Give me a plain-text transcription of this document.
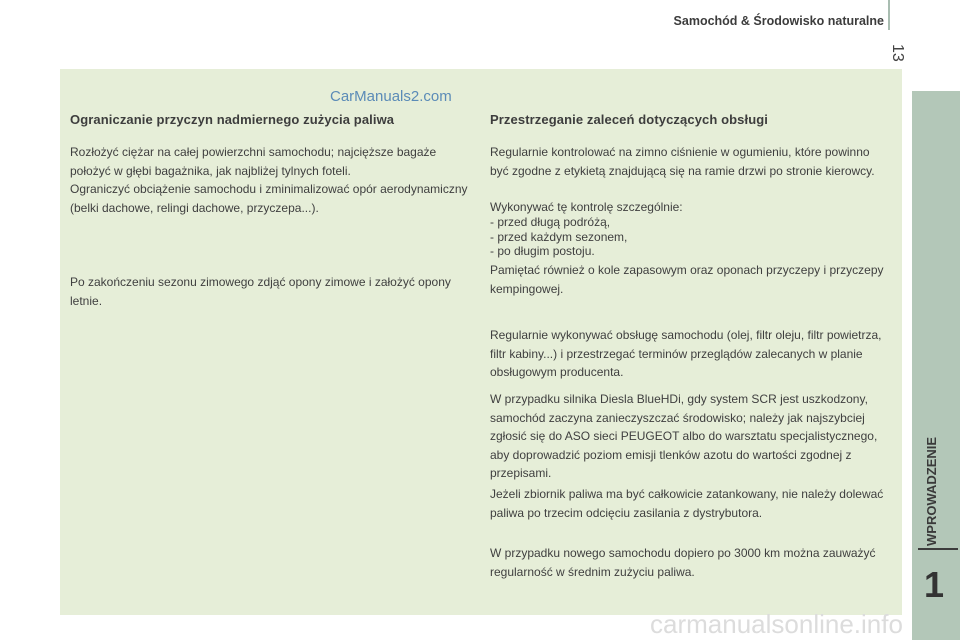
Samochód & Środowisko naturalne
13
CarManuals2.com
Ograniczanie przyczyn nadmiernego zużycia paliwa

Rozłożyć ciężar na całej powierzchni samochodu; najcięższe bagaże położyć w głębi bagażnika, jak najbliżej tylnych foteli.

Ograniczyć obciążenie samochodu i zminimalizować opór aerodynamiczny (belki dachowe, relingi dachowe, przyczepa...).

Po zakończeniu sezonu zimowego zdjąć opony zimowe i założyć opony letnie.

Przestrzeganie zaleceń dotyczących obsługi

Regularnie kontrolować na zimno ciśnienie w ogumieniu, które powinno być zgodne z etykietą znajdującą się na ramie drzwi po stronie kierowcy.

Wykonywać tę kontrolę szczególnie:

- przed długą podróżą,
- przed każdym sezonem,
- po długim postoju.

Pamiętać również o kole zapasowym oraz oponach przyczepy i przyczepy kempingowej.

Regularnie wykonywać obsługę samochodu (olej, filtr oleju, filtr powietrza, filtr kabiny...) i przestrzegać terminów przeglądów zalecanych w planie obsługowym producenta.

W przypadku silnika Diesla BlueHDi, gdy system SCR jest uszkodzony, samochód zaczyna zanieczyszczać środowisko; należy jak najszybciej zgłosić się do ASO sieci PEUGEOT albo do warsztatu specjalistycznego, aby doprowadzić poziom emisji tlenków azotu do wartości zgodnej z przepisami.

Jeżeli zbiornik paliwa ma być całkowicie zatankowany, nie należy dolewać paliwa po trzecim odcięciu zasilania z dystrybutora.

W przypadku nowego samochodu dopiero po 3000 km można zauważyć regularność w średnim zużyciu paliwa.

WPROWADZENIE
1
carmanualsonline.info
